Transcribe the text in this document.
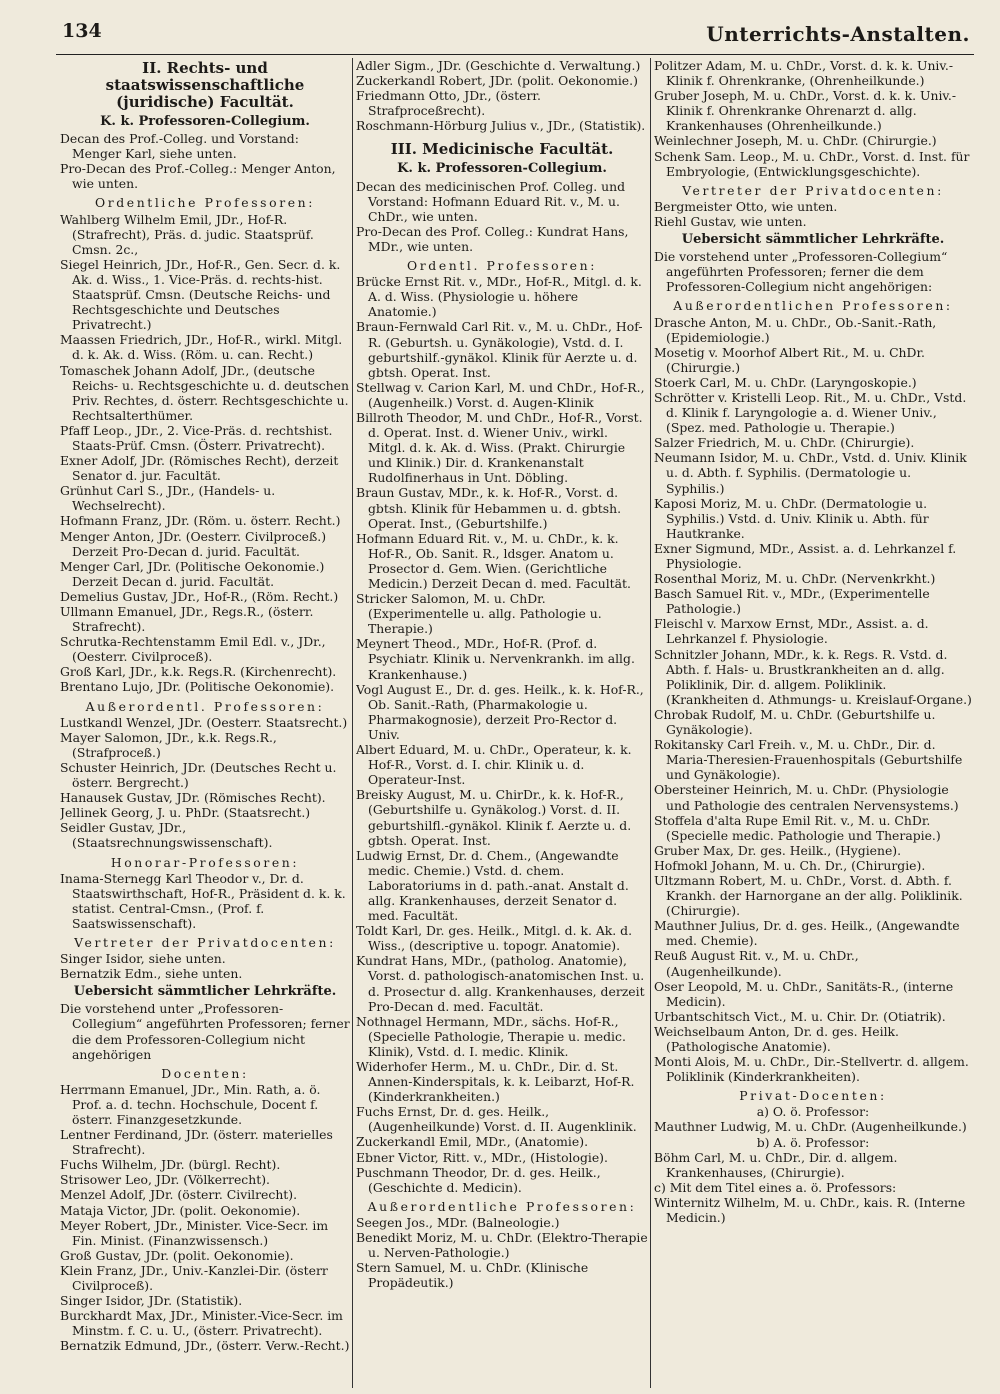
134	Unterrichts-Anstalten.
II. Rechts- und staatswissenschaftliche (juridische) Facultät.
K. k. Professoren-Collegium.
Decan des Prof.-Colleg. und Vorstand: Menger Karl, siehe unten.
Pro-Decan des Prof.-Colleg.: Menger Anton, wie unten.
Ordentliche Professoren:
Wahlberg Wilhelm Emil, JDr., Hof-R. (Strafrecht), Präs. d. judic. Staatsprüf. Cmsn. 2c.,
Siegel Heinrich, JDr., Hof-R., Gen. Secr. d. k. Ak. d. Wiss., 1. Vice-Präs. d. rechts-hist. Staatsprüf. Cmsn. (Deutsche Reichs- und Rechtsgeschichte und Deutsches Privatrecht.)
Maassen Friedrich, JDr., Hof-R., wirkl. Mitgl. d. k. Ak. d. Wiss. (Röm. u. can. Recht.)
Tomaschek Johann Adolf, JDr., (deutsche Reichs- u. Rechtsgeschichte u. d. deutschen Priv. Rechtes, d. österr. Rechtsgeschichte u. Rechtsalterthümer.
Pfaff Leop., JDr., 2. Vice-Präs. d. rechtshist. Staats-Prüf. Cmsn. (Österr. Privatrecht).
Exner Adolf, JDr. (Römisches Recht), derzeit Senator d. jur. Facultät.
Grünhut Carl S., JDr., (Handels- u. Wechselrecht).
Hofmann Franz, JDr. (Röm. u. österr. Recht.)
Menger Anton, JDr. (Oesterr. Civilproceß.) Derzeit Pro-Decan d. jurid. Facultät.
Menger Carl, JDr. (Politische Oekonomie.) Derzeit Decan d. jurid. Facultät.
Demelius Gustav, JDr., Hof-R., (Röm. Recht.)
Ullmann Emanuel, JDr., Regs.R., (österr. Strafrecht).
Schrutka-Rechtenstamm Emil Edl. v., JDr., (Oesterr. Civilproceß).
Groß Karl, JDr., k.k. Regs.R. (Kirchenrecht).
Brentano Lujo, JDr. (Politische Oekonomie).
Außerordentl. Professoren:
Lustkandl Wenzel, JDr. (Oesterr. Staatsrecht.)
Mayer Salomon, JDr., k.k. Regs.R., (Strafproceß.)
Schuster Heinrich, JDr. (Deutsches Recht u. österr. Bergrecht.)
Hanausek Gustav, JDr. (Römisches Recht).
Jellinek Georg, J. u. PhDr. (Staatsrecht.)
Seidler Gustav, JDr., (Staatsrechnungswissenschaft).
Honorar-Professoren:
Inama-Sternegg Karl Theodor v., Dr. d. Staatswirthschaft, Hof-R., Präsident d. k. k. statist. Central-Cmsn., (Prof. f. Saatswissenschaft).
Vertreter der Privatdocenten:
Singer Isidor, siehe unten.
Bernatzik Edm., siehe unten.
Uebersicht sämmtlicher Lehrkräfte.
Die vorstehend unter „Professoren-Collegium“ angeführten Professoren; ferner die dem Professoren-Collegium nicht angehörigen
Docenten:
Herrmann Emanuel, JDr., Min. Rath, a. ö. Prof. a. d. techn. Hochschule, Docent f. österr. Finanzgesetzkunde.
Lentner Ferdinand, JDr. (österr. materielles Strafrecht).
Fuchs Wilhelm, JDr. (bürgl. Recht).
Strisower Leo, JDr. (Völkerrecht).
Menzel Adolf, JDr. (österr. Civilrecht).
Mataja Victor, JDr. (polit. Oekonomie).
Meyer Robert, JDr., Minister. Vice-Secr. im Fin. Minist. (Finanzwissensch.)
Groß Gustav, JDr. (polit. Oekonomie).
Klein Franz, JDr., Univ.-Kanzlei-Dir. (österr Civilproceß).
Singer Isidor, JDr. (Statistik).
Burckhardt Max, JDr., Minister.-Vice-Secr. im Minstm. f. C. u. U., (österr. Privatrecht).
Bernatzik Edmund, JDr., (österr. Verw.-Recht.)
Adler Sigm., JDr. (Geschichte d. Verwaltung.)
Zuckerkandl Robert, JDr. (polit. Oekonomie.)
Friedmann Otto, JDr., (österr. Strafproceßrecht).
Roschmann-Hörburg Julius v., JDr., (Statistik).
III. Medicinische Facultät.
K. k. Professoren-Collegium.
Decan des medicinischen Prof. Colleg. und Vorstand: Hofmann Eduard Rit. v., M. u. ChDr., wie unten.
Pro-Decan des Prof. Colleg.: Kundrat Hans, MDr., wie unten.
Ordentl. Professoren:
Brücke Ernst Rit. v., MDr., Hof-R., Mitgl. d. k. A. d. Wiss. (Physiologie u. höhere Anatomie.)
Braun-Fernwald Carl Rit. v., M. u. ChDr., Hof-R. (Geburtsh. u. Gynäkologie), Vstd. d. I. geburtshilf.-gynäkol. Klinik für Aerzte u. d. gbtsh. Operat. Inst.
Stellwag v. Carion Karl, M. und ChDr., Hof-R., (Augenheilk.) Vorst. d. Augen-Klinik
Billroth Theodor, M. und ChDr., Hof-R., Vorst. d. Operat. Inst. d. Wiener Univ., wirkl. Mitgl. d. k. Ak. d. Wiss. (Prakt. Chirurgie und Klinik.) Dir. d. Krankenanstalt Rudolfinerhaus in Unt. Döbling.
Braun Gustav, MDr., k. k. Hof-R., Vorst. d. gbtsh. Klinik für Hebammen u. d. gbtsh. Operat. Inst., (Geburtshilfe.)
Hofmann Eduard Rit. v., M. u. ChDr., k. k. Hof-R., Ob. Sanit. R., ldsger. Anatom u. Prosector d. Gem. Wien. (Gerichtliche Medicin.) Derzeit Decan d. med. Facultät.
Stricker Salomon, M. u. ChDr. (Experimentelle u. allg. Pathologie u. Therapie.)
Meynert Theod., MDr., Hof-R. (Prof. d. Psychiatr. Klinik u. Nervenkrankh. im allg. Krankenhause.)
Vogl August E., Dr. d. ges. Heilk., k. k. Hof-R., Ob. Sanit.-Rath, (Pharmakologie u. Pharmakognosie), derzeit Pro-Rector d. Univ.
Albert Eduard, M. u. ChDr., Operateur, k. k. Hof-R., Vorst. d. I. chir. Klinik u. d. Operateur-Inst.
Breisky August, M. u. ChirDr., k. k. Hof-R., (Geburtshilfe u. Gynäkolog.) Vorst. d. II. geburtshilfl.-gynäkol. Klinik f. Aerzte u. d. gbtsh. Operat. Inst.
Ludwig Ernst, Dr. d. Chem., (Angewandte medic. Chemie.) Vstd. d. chem. Laboratoriums in d. path.-anat. Anstalt d. allg. Krankenhauses, derzeit Senator d. med. Facultät.
Toldt Karl, Dr. ges. Heilk., Mitgl. d. k. Ak. d. Wiss., (descriptive u. topogr. Anatomie).
Kundrat Hans, MDr., (patholog. Anatomie), Vorst. d. pathologisch-anatomischen Inst. u. d. Prosectur d. allg. Krankenhauses, derzeit Pro-Decan d. med. Facultät.
Nothnagel Hermann, MDr., sächs. Hof-R., (Specielle Pathologie, Therapie u. medic. Klinik), Vstd. d. I. medic. Klinik.
Widerhofer Herm., M. u. ChDr., Dir. d. St. Annen-Kinderspitals, k. k. Leibarzt, Hof-R. (Kinderkrankheiten.)
Fuchs Ernst, Dr. d. ges. Heilk., (Augenheilkunde) Vorst. d. II. Augenklinik.
Zuckerkandl Emil, MDr., (Anatomie).
Ebner Victor, Ritt. v., MDr., (Histologie).
Puschmann Theodor, Dr. d. ges. Heilk., (Geschichte d. Medicin).
Außerordentliche Professoren:
Seegen Jos., MDr. (Balneologie.)
Benedikt Moriz, M. u. ChDr. (Elektro-Therapie u. Nerven-Pathologie.)
Stern Samuel, M. u. ChDr. (Klinische Propädeutik.)
Politzer Adam, M. u. ChDr., Vorst. d. k. k. Univ.-Klinik f. Ohrenkranke, (Ohrenheilkunde.)
Gruber Joseph, M. u. ChDr., Vorst. d. k. k. Univ.-Klinik f. Ohrenkranke Ohrenarzt d. allg. Krankenhauses (Ohrenheilkunde.)
Weinlechner Joseph, M. u. ChDr. (Chirurgie.)
Schenk Sam. Leop., M. u. ChDr., Vorst. d. Inst. für Embryologie, (Entwicklungsgeschichte).
Vertreter der Privatdocenten:
Bergmeister Otto, wie unten.
Riehl Gustav, wie unten.
Uebersicht sämmtlicher Lehrkräfte.
Die vorstehend unter „Professoren-Collegium“ angeführten Professoren; ferner die dem Professoren-Collegium nicht angehörigen:
Außerordentlichen Professoren:
Drasche Anton, M. u. ChDr., Ob.-Sanit.-Rath, (Epidemiologie.)
Mosetig v. Moorhof Albert Rit., M. u. ChDr. (Chirurgie.)
Stoerk Carl, M. u. ChDr. (Laryngoskopie.)
Schrötter v. Kristelli Leop. Rit., M. u. ChDr., Vstd. d. Klinik f. Laryngologie a. d. Wiener Univ., (Spez. med. Pathologie u. Therapie.)
Salzer Friedrich, M. u. ChDr. (Chirurgie).
Neumann Isidor, M. u. ChDr., Vstd. d. Univ. Klinik u. d. Abth. f. Syphilis. (Dermatologie u. Syphilis.)
Kaposi Moriz, M. u. ChDr. (Dermatologie u. Syphilis.) Vstd. d. Univ. Klinik u. Abth. für Hautkranke.
Exner Sigmund, MDr., Assist. a. d. Lehrkanzel f. Physiologie.
Rosenthal Moriz, M. u. ChDr. (Nervenkrkht.)
Basch Samuel Rit. v., MDr., (Experimentelle Pathologie.)
Fleischl v. Marxow Ernst, MDr., Assist. a. d. Lehrkanzel f. Physiologie.
Schnitzler Johann, MDr., k. k. Regs. R. Vstd. d. Abth. f. Hals- u. Brustkrankheiten an d. allg. Poliklinik, Dir. d. allgem. Poliklinik. (Krankheiten d. Athmungs- u. Kreislauf-Organe.)
Chrobak Rudolf, M. u. ChDr. (Geburtshilfe u. Gynäkologie).
Rokitansky Carl Freih. v., M. u. ChDr., Dir. d. Maria-Theresien-Frauenhospitals (Geburtshilfe und Gynäkologie).
Obersteiner Heinrich, M. u. ChDr. (Physiologie und Pathologie des centralen Nervensystems.)
Stoffela d'alta Rupe Emil Rit. v., M. u. ChDr. (Specielle medic. Pathologie und Therapie.)
Gruber Max, Dr. ges. Heilk., (Hygiene).
Hofmokl Johann, M. u. Ch. Dr., (Chirurgie).
Ultzmann Robert, M. u. ChDr., Vorst. d. Abth. f. Krankh. der Harnorgane an der allg. Poliklinik. (Chirurgie).
Mauthner Julius, Dr. d. ges. Heilk., (Angewandte med. Chemie).
Reuß August Rit. v., M. u. ChDr., (Augenheilkunde).
Oser Leopold, M. u. ChDr., Sanitäts-R., (interne Medicin).
Urbantschitsch Vict., M. u. Chir. Dr. (Otiatrik).
Weichselbaum Anton, Dr. d. ges. Heilk. (Pathologische Anatomie).
Monti Alois, M. u. ChDr., Dir.-Stellvertr. d. allgem. Poliklinik (Kinderkrankheiten).
Privat-Docenten:
a) O. ö. Professor:
Mauthner Ludwig, M. u. ChDr. (Augenheilkunde.)
b) A. ö. Professor:
Böhm Carl, M. u. ChDr., Dir. d. allgem. Krankenhauses, (Chirurgie).
c) Mit dem Titel eines a. ö. Professors:
Winternitz Wilhelm, M. u. ChDr., kais. R. (Interne Medicin.)
